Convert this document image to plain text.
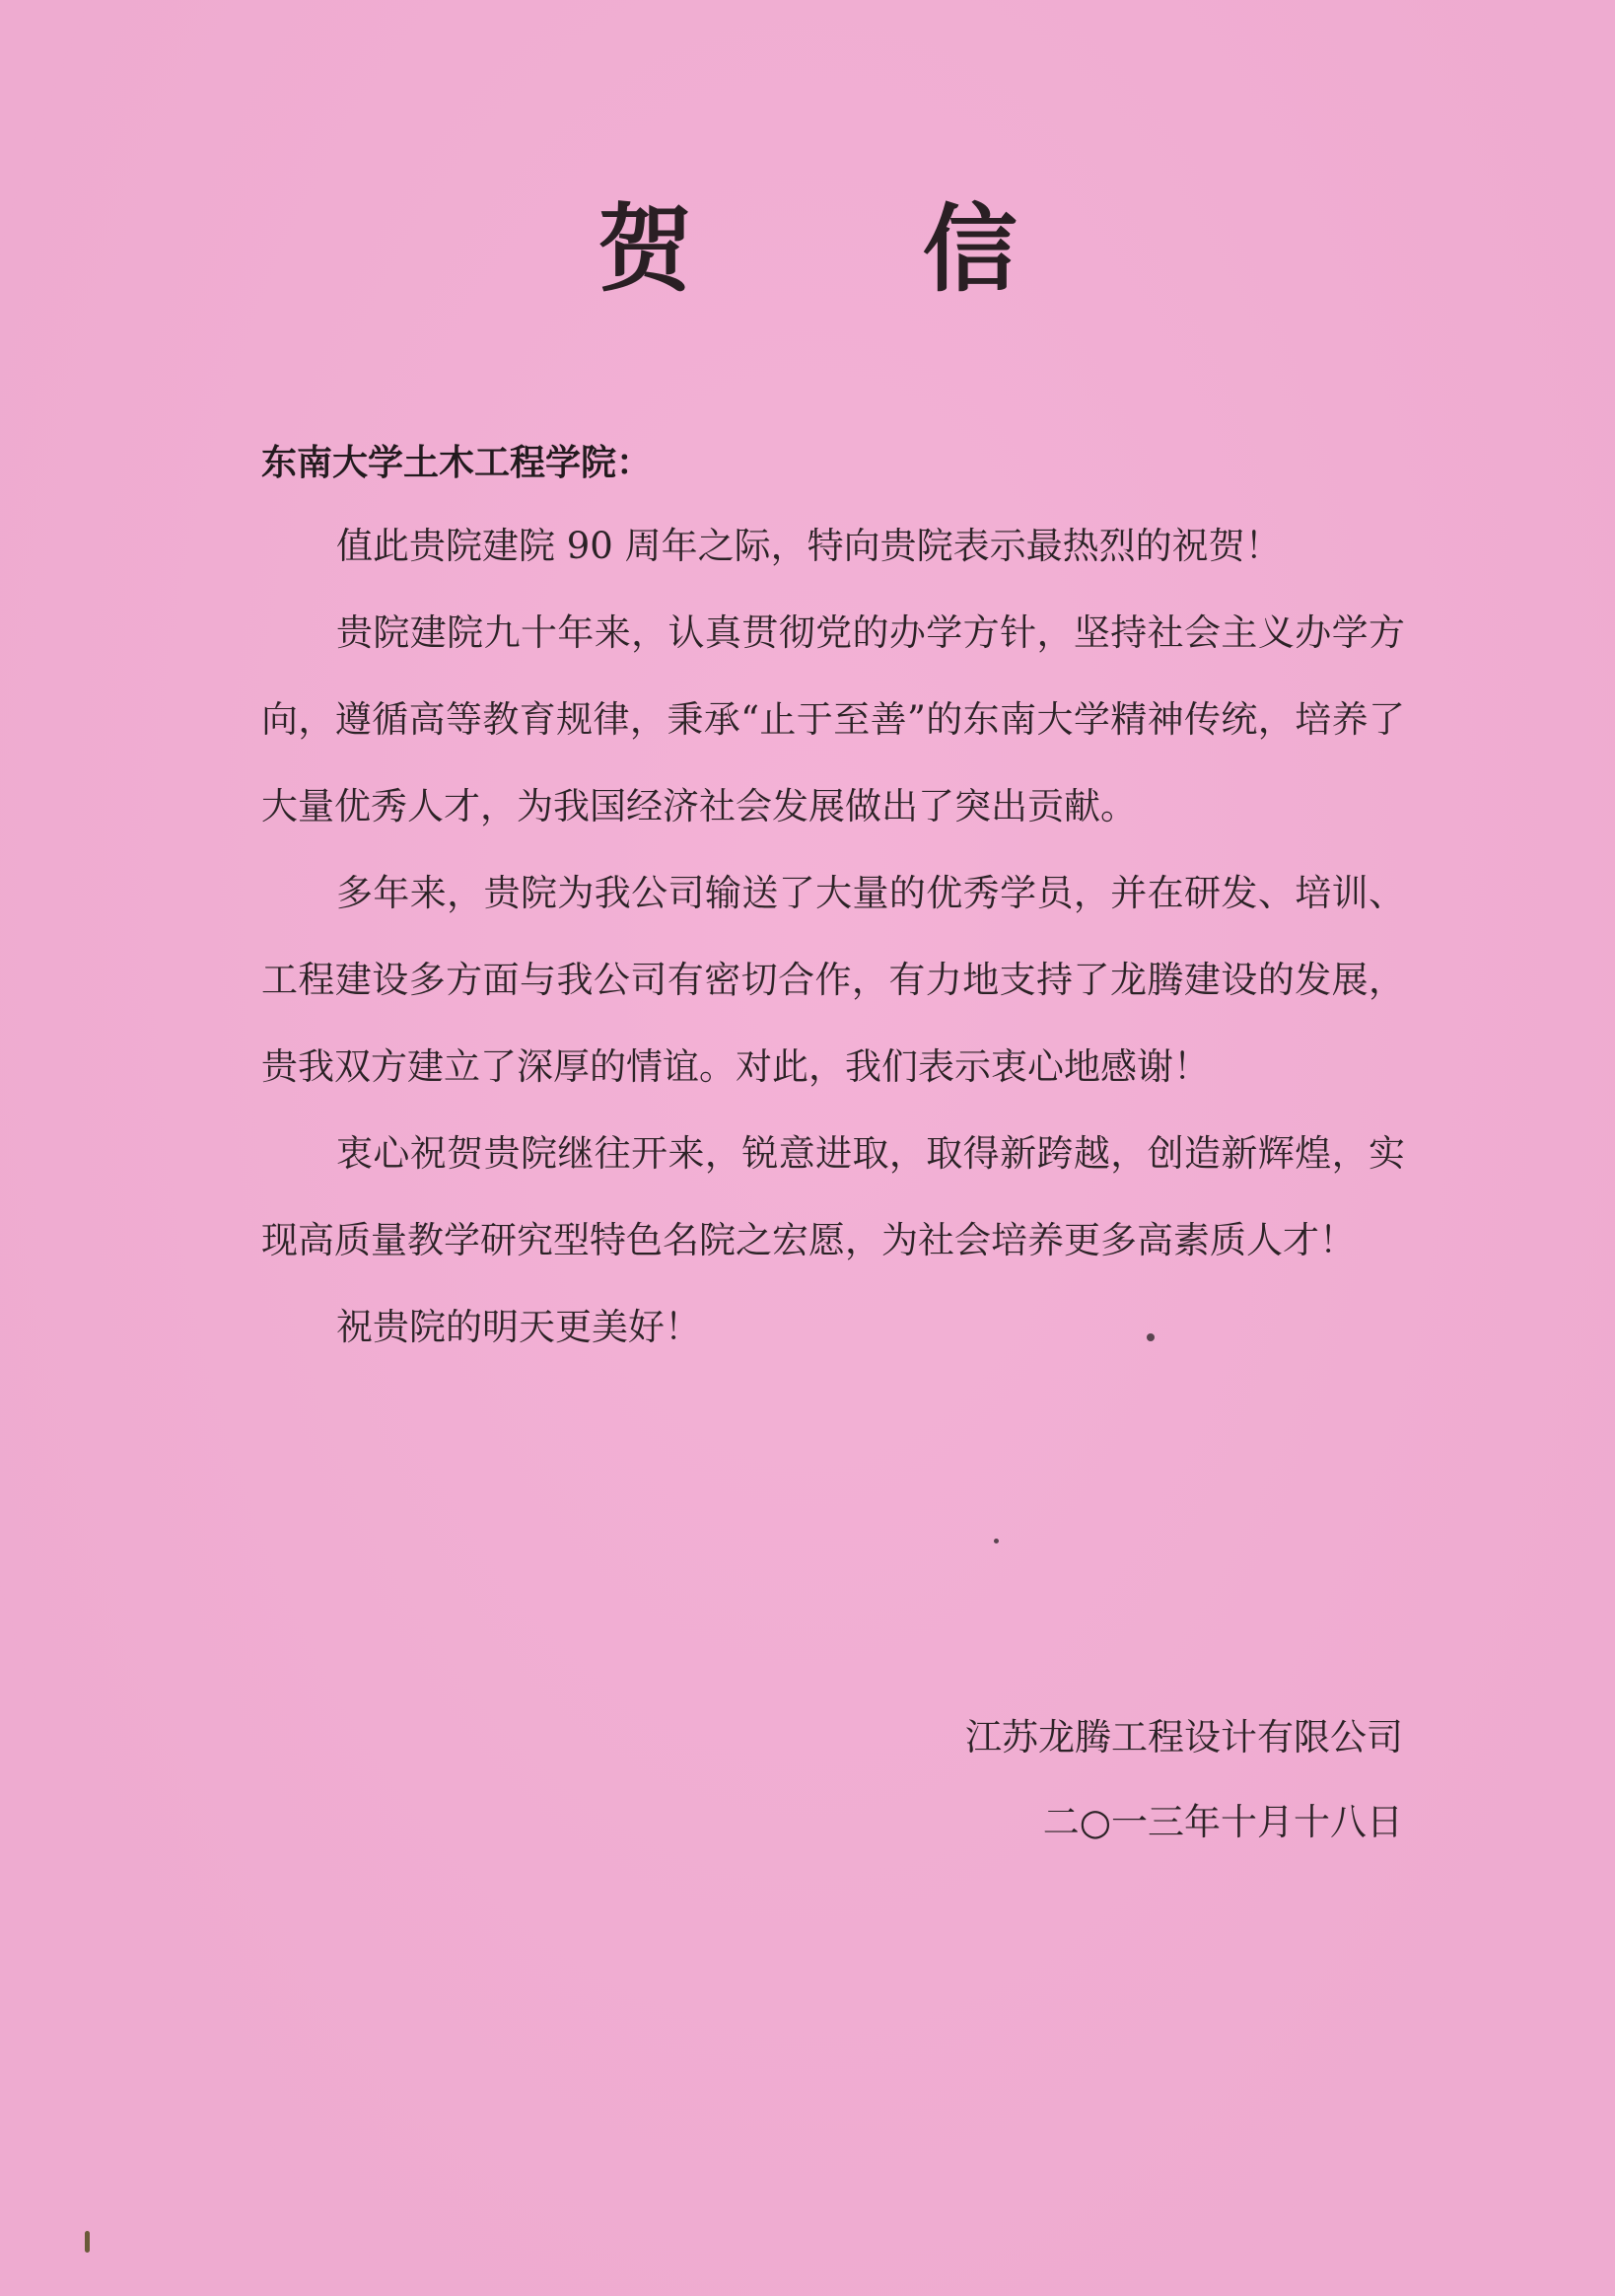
贺 信
东南大学土木工程学院：

值此贵院建院 90 周年之际，特向贵院表示最热烈的祝贺！

贵院建院九十年来，认真贯彻党的办学方针，坚持社会主义办学方向，遵循高等教育规律，秉承“止于至善”的东南大学精神传统，培养了大量优秀人才，为我国经济社会发展做出了突出贡献。

多年来，贵院为我公司输送了大量的优秀学员，并在研发、培训、工程建设多方面与我公司有密切合作，有力地支持了龙腾建设的发展，贵我双方建立了深厚的情谊。对此，我们表示衷心地感谢！

衷心祝贺贵院继往开来，锐意进取，取得新跨越，创造新辉煌，实现高质量教学研究型特色名院之宏愿，为社会培养更多高素质人才！

祝贵院的明天更美好！

江苏龙腾工程设计有限公司
二○一三年十月十八日
